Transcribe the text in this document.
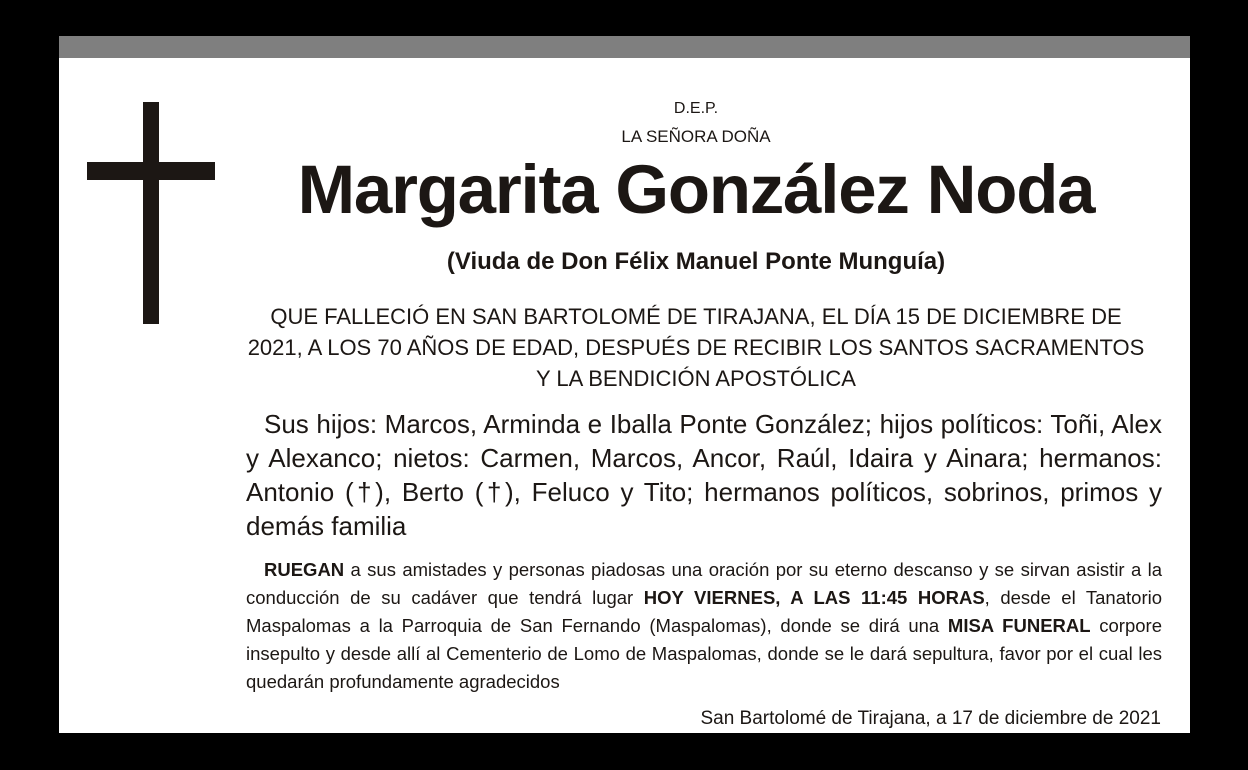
D.E.P.
LA SEÑORA DOÑA
Margarita González Noda
(Viuda de Don Félix Manuel Ponte Munguía)
QUE FALLECIÓ EN SAN BARTOLOMÉ DE TIRAJANA, EL DÍA 15 DE DICIEMBRE DE 2021, A LOS 70 AÑOS DE EDAD, DESPUÉS DE RECIBIR LOS SANTOS SACRAMENTOS Y LA BENDICIÓN APOSTÓLICA
Sus hijos: Marcos, Arminda e Iballa Ponte González; hijos políticos: Toñi, Alex y Alexanco; nietos: Carmen, Marcos, Ancor, Raúl, Idaira y Ainara; hermanos: Antonio (†), Berto (†), Feluco y Tito; hermanos políticos, sobrinos, primos y demás familia
RUEGAN a sus amistades y personas piadosas una oración por su eterno descanso y se sirvan asistir a la conducción de su cadáver que tendrá lugar HOY VIERNES, A LAS 11:45 HORAS, desde el Tanatorio Maspalomas a la Parroquia de San Fernando (Maspalomas), donde se dirá una MISA FUNERAL corpore insepulto y desde allí al Cementerio de Lomo de Maspalomas, donde se le dará sepultura, favor por el cual les quedarán profundamente agradecidos
San Bartolomé de Tirajana, a 17 de diciembre de 2021
